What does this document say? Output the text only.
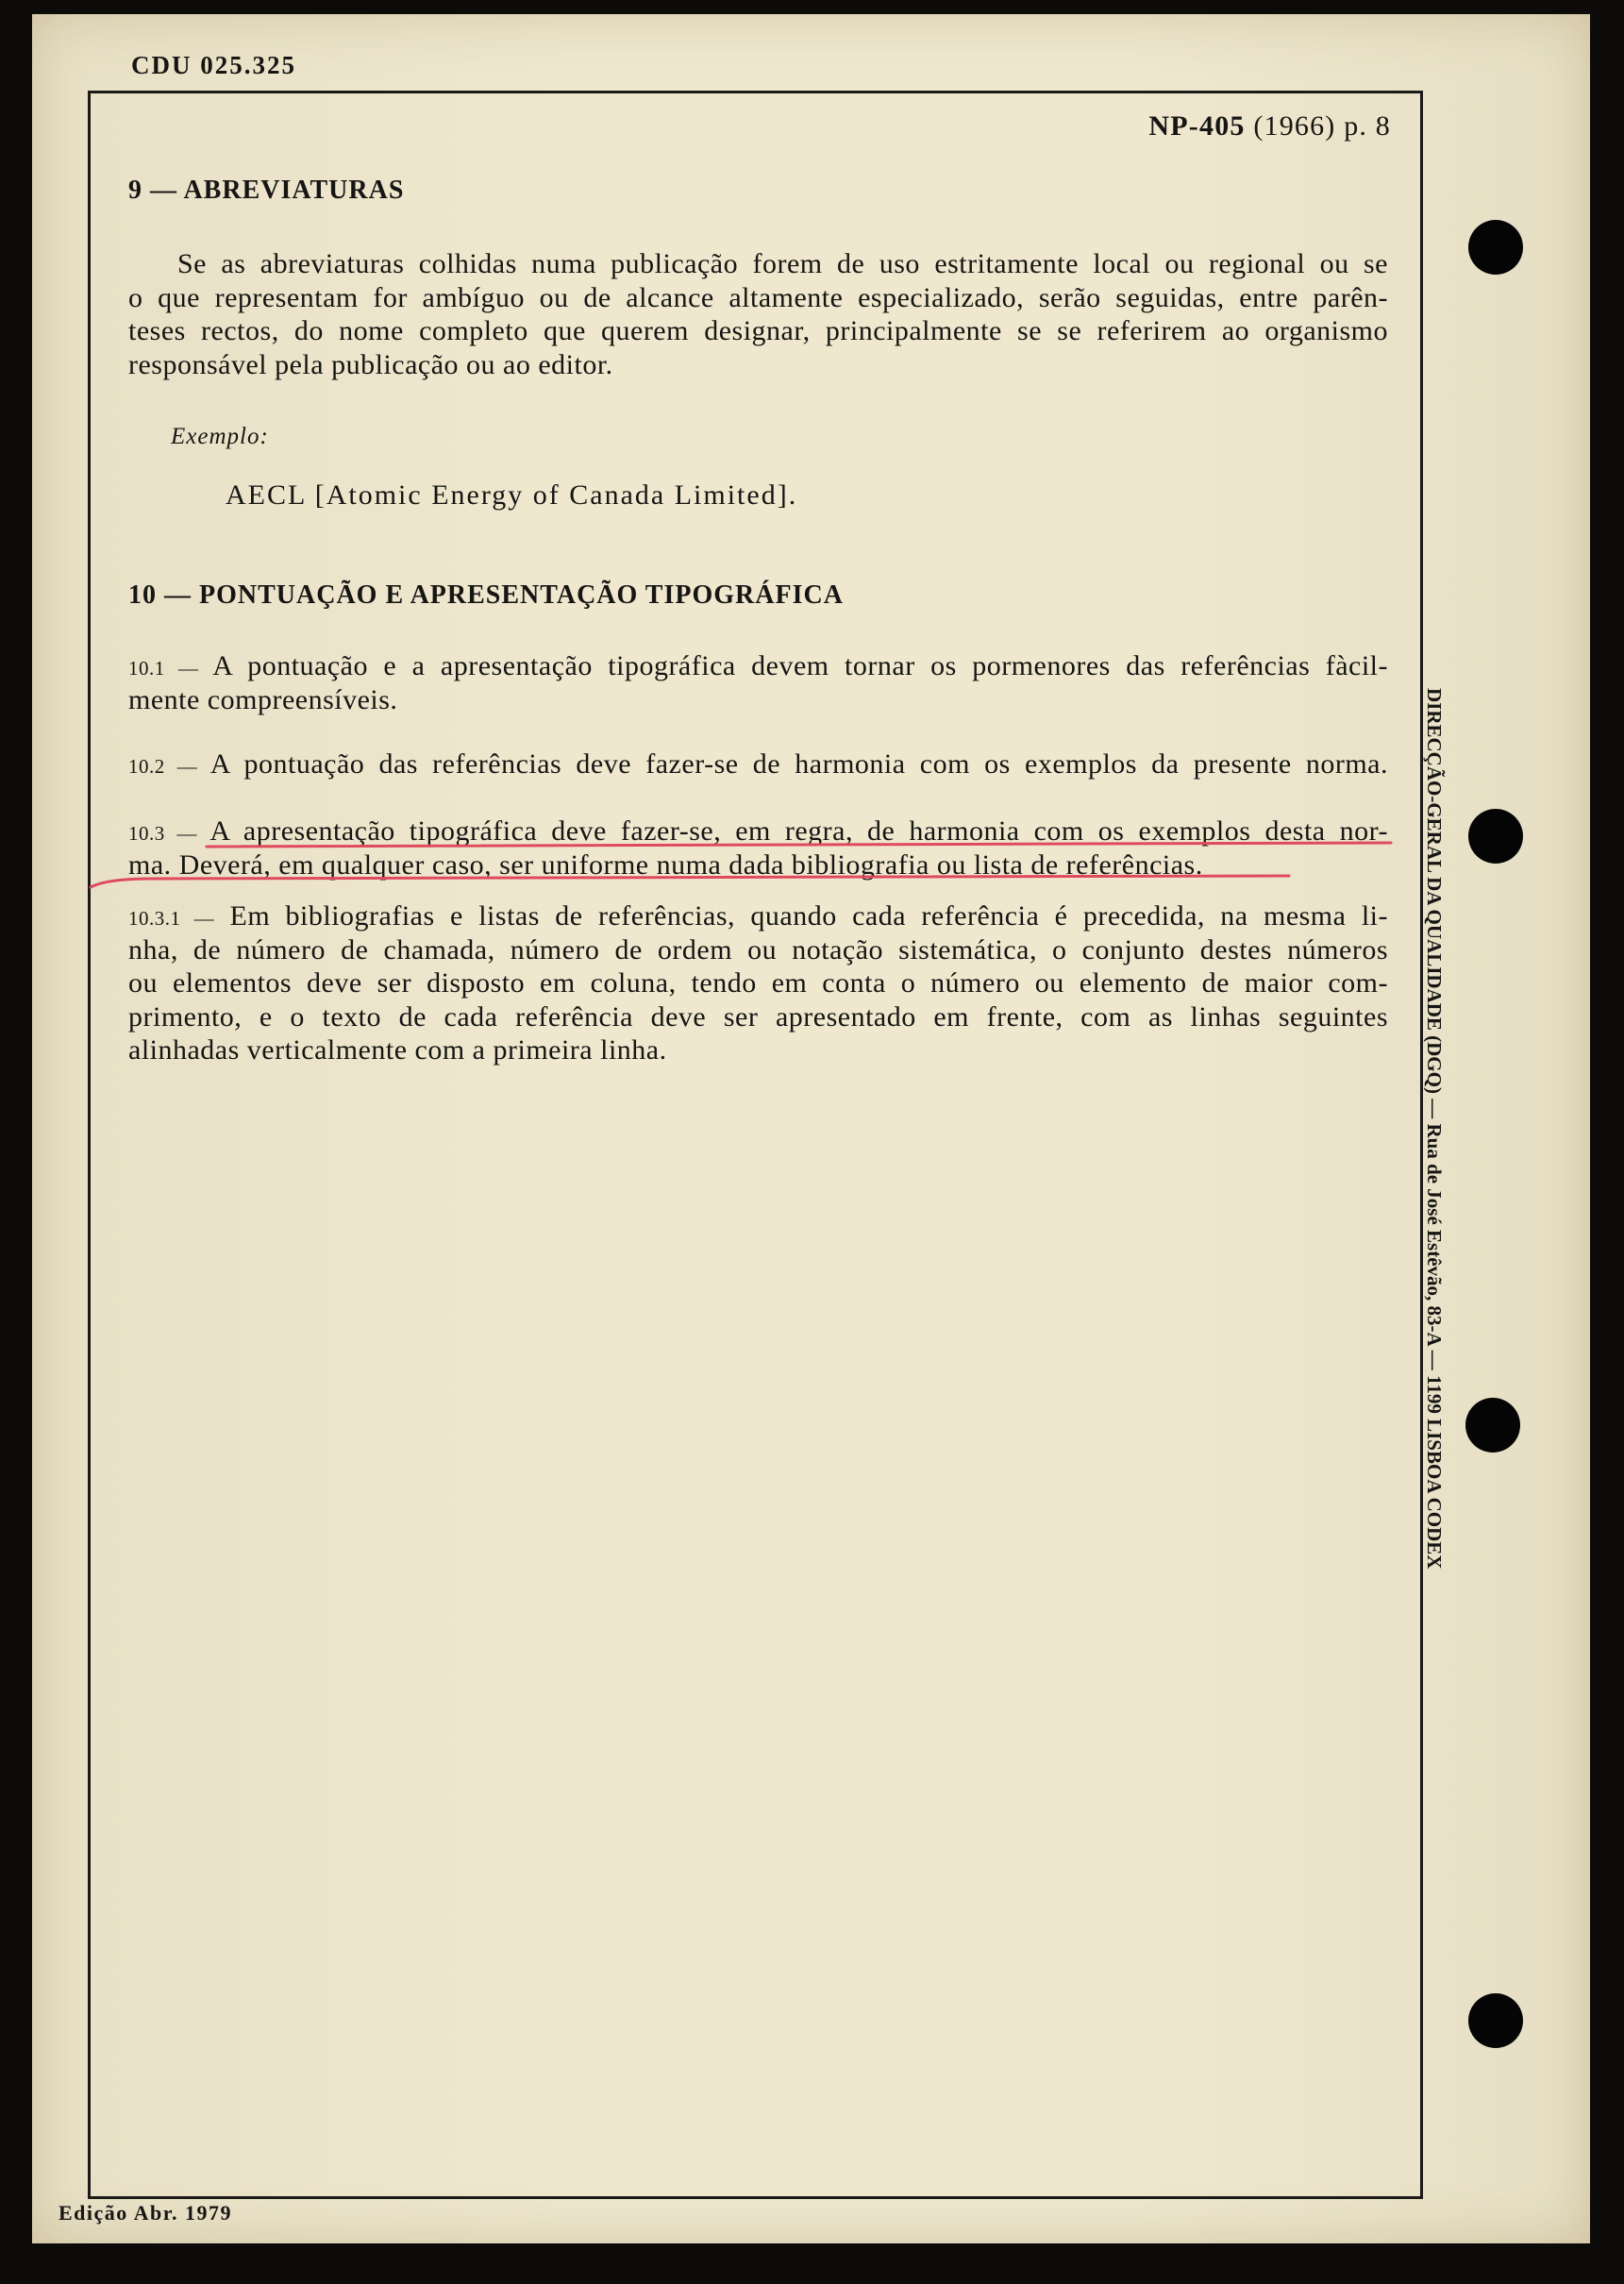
CDU 025.325
NP-405 (1966) p. 8
9 — ABREVIATURAS
Se as abreviaturas colhidas numa publicação forem de uso estritamente local ou regional ou se
o que representam for ambíguo ou de alcance altamente especializado, serão seguidas, entre parên-
teses rectos, do nome completo que querem designar, principalmente se se referirem ao organismo
responsável pela publicação ou ao editor.
Exemplo:
AECL [Atomic Energy of Canada Limited].
10 — PONTUAÇÃO E APRESENTAÇÃO TIPOGRÁFICA
10.1 — A pontuação e a apresentação tipográfica devem tornar os pormenores das referências fàcil-
mente compreensíveis.
10.2 — A pontuação das referências deve fazer-se de harmonia com os exemplos da presente norma.
10.3 — A apresentação tipográfica deve fazer-se, em regra, de harmonia com os exemplos desta nor-
ma. Deverá, em qualquer caso, ser uniforme numa dada bibliografia ou lista de referências.
10.3.1 — Em bibliografias e listas de referências, quando cada referência é precedida, na mesma li-
nha, de número de chamada, número de ordem ou notação sistemática, o conjunto destes números
ou elementos deve ser disposto em coluna, tendo em conta o número ou elemento de maior com-
primento, e o texto de cada referência deve ser apresentado em frente, com as linhas seguintes
alinhadas verticalmente com a primeira linha.	DIRECÇÃO-GERAL DA QUALIDADE (DGQ) — Rua de José Estêvão, 83-A — 1199 LISBOA CODEX
Edição Abr. 1979
